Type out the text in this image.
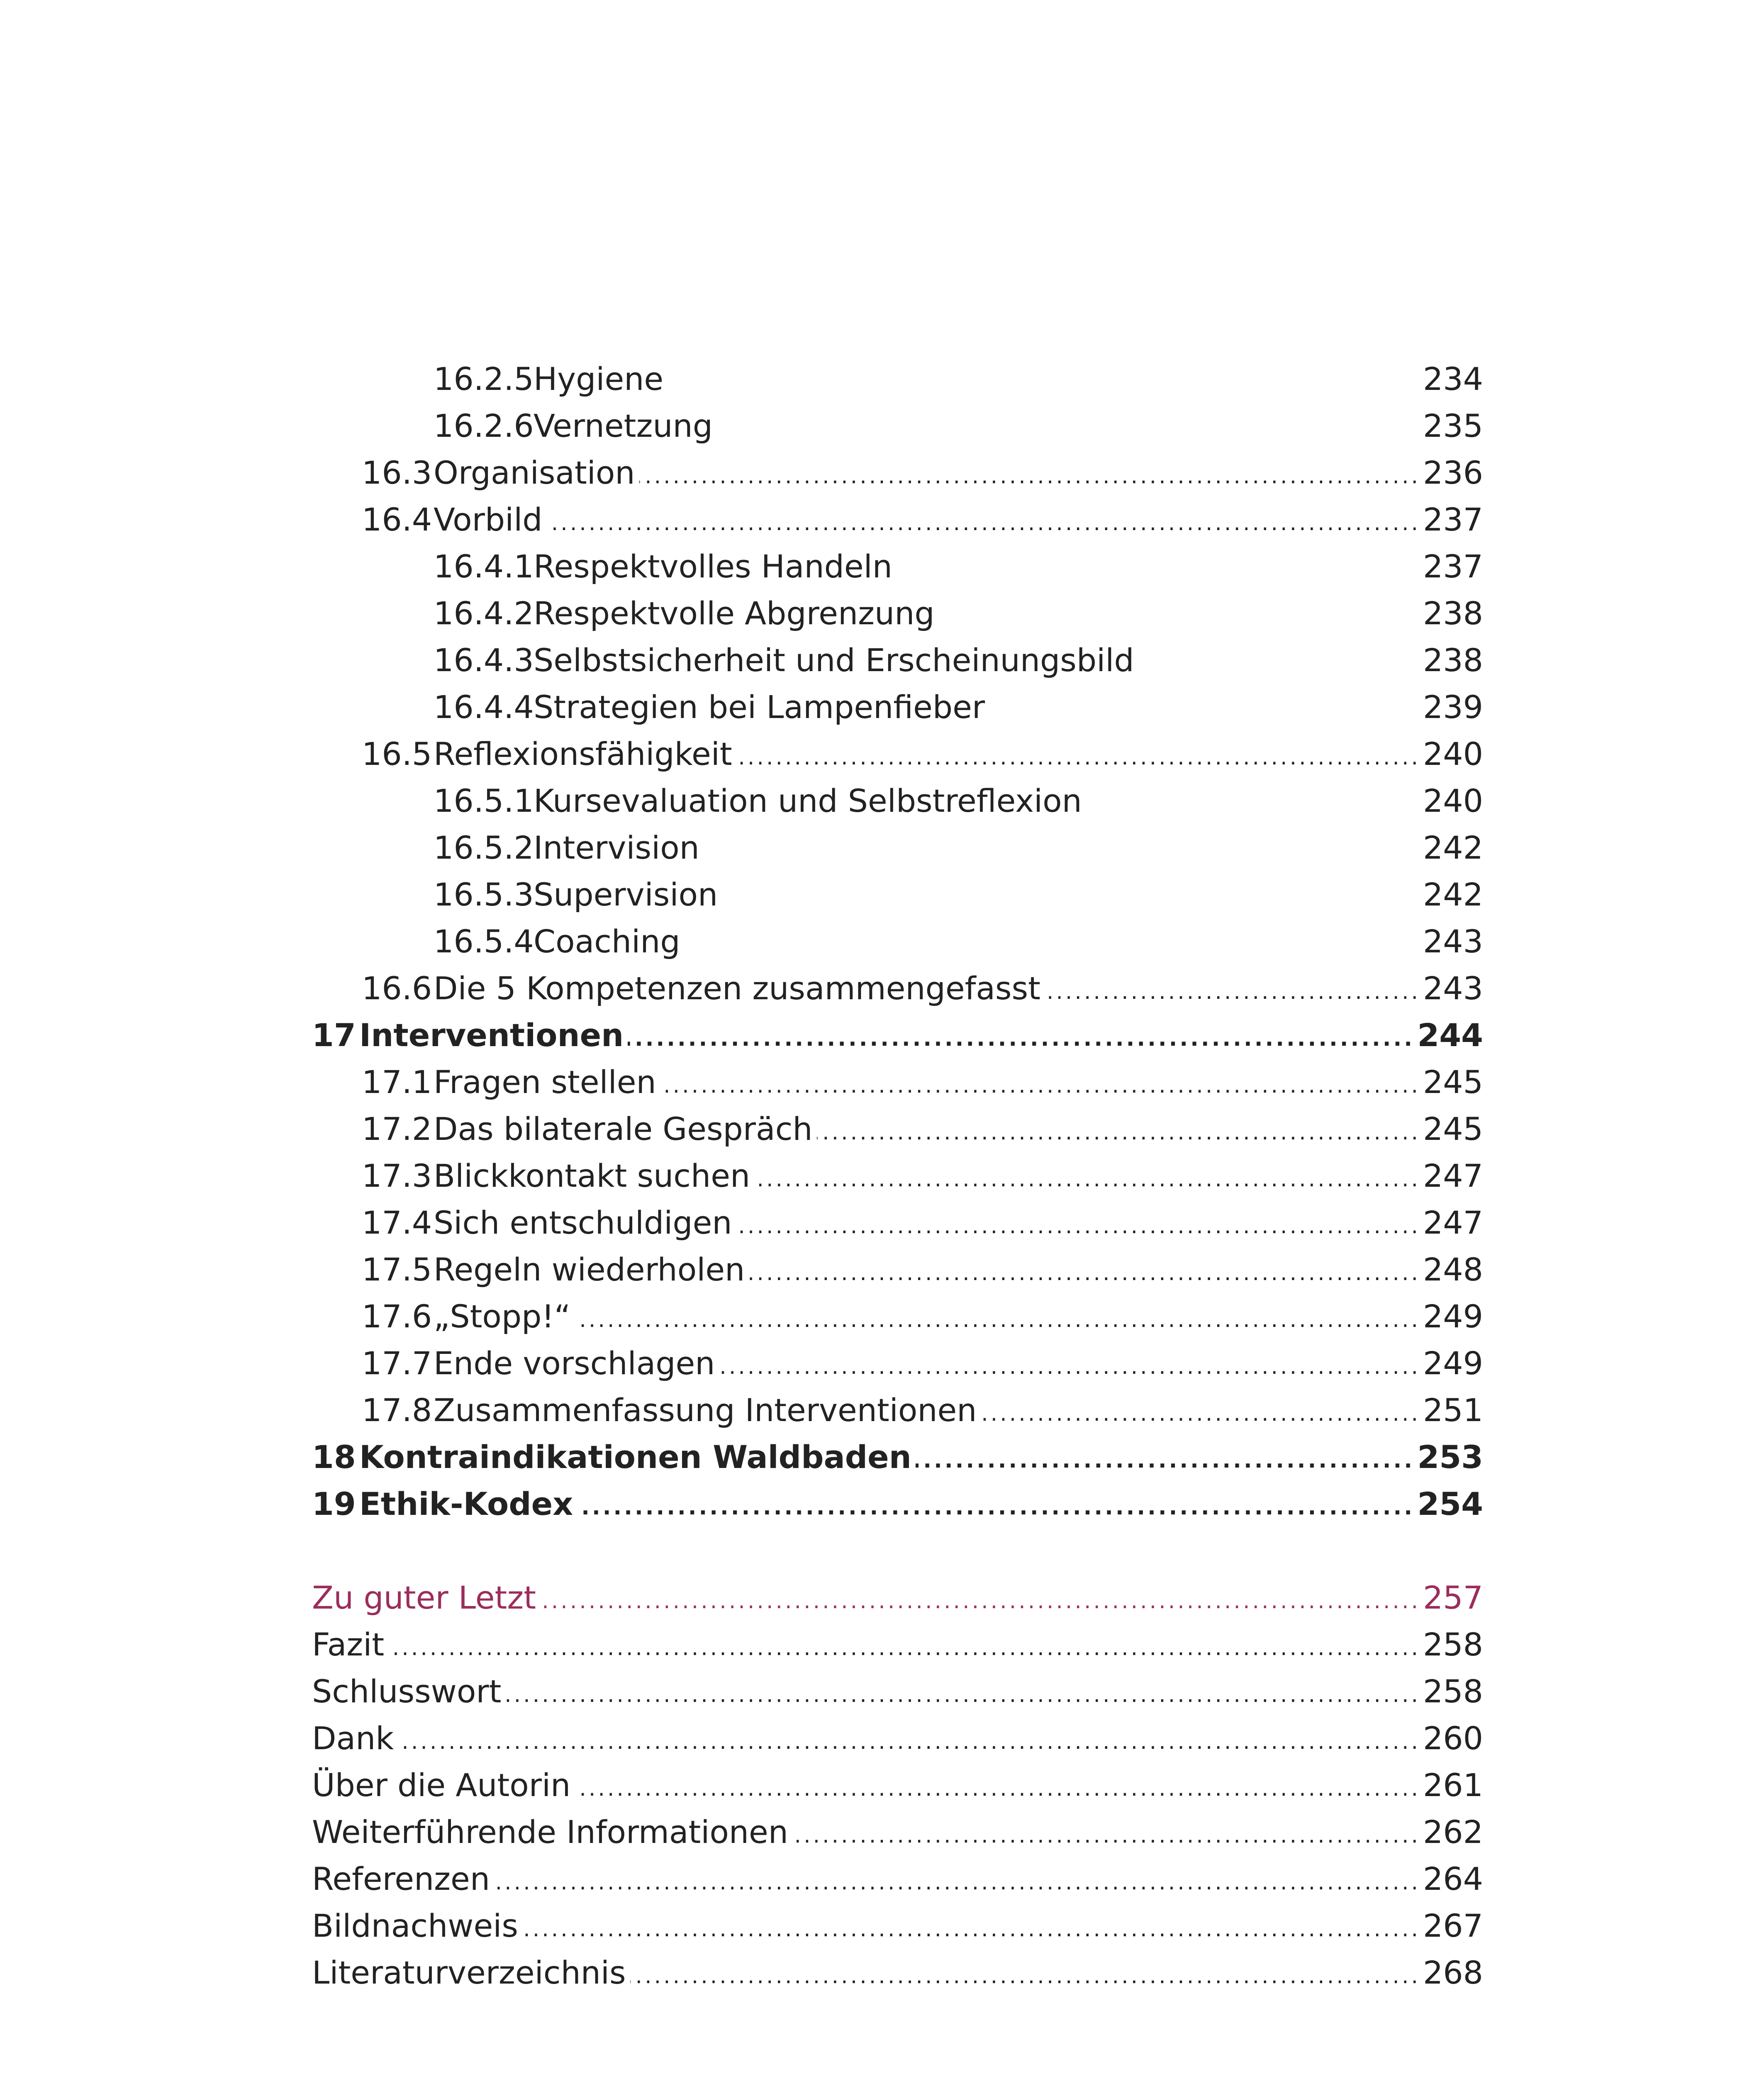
16.2.5 Hygiene	234
16.2.6 Vernetzung	235
16.3 Organisation	236
.....
16.4 Vorbild	237
.....
16.4.1 Respektvolles Handeln	237
16.4.2 Respektvolle Abgrenzung	238
16.4.3 Selbstsicherheit und Erscheinungsbild	238
16.4.4 Strategien bei Lampenfieber	239
16.5 Reflexionsfähigkeit	240
.....
16.5.1 Kursevaluation und Selbstreflexion	240
16.5.2 Intervision	242
16.5.3 Supervision	242
16.5.4 Coaching	243
16.6 Die 5 Kompetenzen zusammengefasst	243
.....
17 Interventionen	244
.....
17.1 Fragen stellen	245
.....
17.2 Das bilaterale Gespräch	245
.....
17.3 Blickkontakt suchen	247
.....
17.4 Sich entschuldigen	247
.....
17.5 Regeln wiederholen	248
.....
17.6 „Stopp!“	249
.....
17.7 Ende vorschlagen	249
.....
17.8 Zusammenfassung Interventionen	251
.....
18 Kontraindikationen Waldbaden	253
.....
19 Ethik-Kodex	254
.....
Zu guter Letzt	257
.....
Fazit	258
.....
Schlusswort	258
.....
Dank	260
.....
Über die Autorin	261
.....
Weiterführende Informationen	262
.....
Referenzen	264
.....
Bildnachweis	267
.....
Literaturverzeichnis	268
.....
